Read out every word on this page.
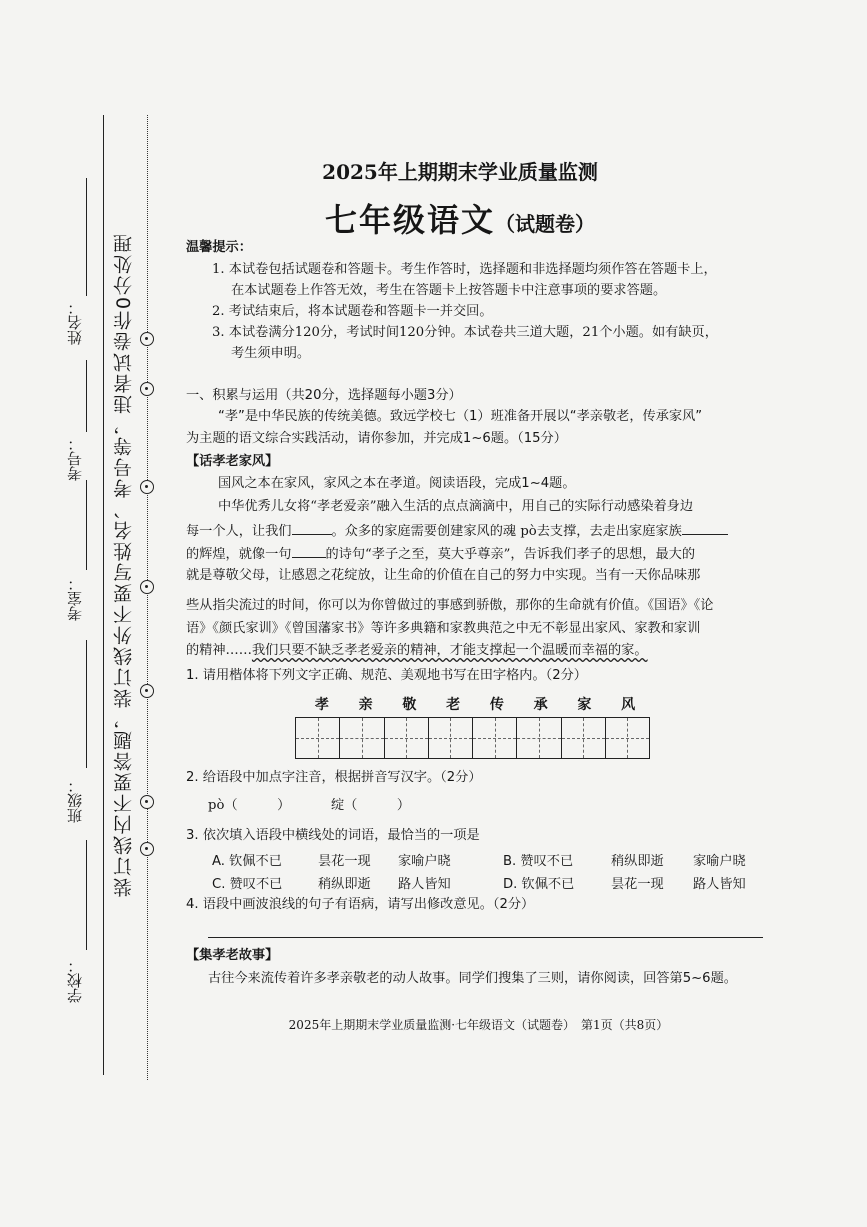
装订线内不要答题，装订线外不要写姓名、考号等，违者试卷作0分处理
学校：
班级：
考室：
考号：
姓名：
2025年上期期末学业质量监测
七年级语文（试题卷）
温馨提示：
1. 本试卷包括试题卷和答题卡。考生作答时，选择题和非选择题均须作答在答题卡上，
在本试题卷上作答无效，考生在答题卡上按答题卡中注意事项的要求答题。
2. 考试结束后，将本试题卷和答题卡一并交回。
3. 本试卷满分120分，考试时间120分钟。本试卷共三道大题，21个小题。如有缺页，
考生须申明。
一、积累与运用（共20分，选择题每小题3分）
“孝”是中华民族的传统美德。致远学校七（1）班准备开展以“孝亲敬老，传承家风”
为主题的语文综合实践活动，请你参加，并完成1~6题。（15分）
【话孝老家风】
国风之本在家风，家风之本在孝道。阅读语段，完成1~4题。
中华优秀儿女将“孝老爱亲”融入生活的点点滴滴中，用自己的实际行动感染着身边
每一个人，让我们	。众多的家庭需要创建家风的魂 pò去支撑，去走出家庭家族
的辉煌，就像一句	的诗句“孝子之至，莫大乎尊亲”，告诉我们孝子的思想，最大的
就是尊敬父母，让感恩之花绽放，让生命的价值在自己的努力中实现。当有一天你品味那
些从指尖流过的时间，你可以为你曾做过的事感到骄傲，那你的生命就有价值。《国语》《论
语》《颜氏家训》《曾国藩家书》等许多典籍和家教典范之中无不彰显出家风、家教和家训
的精神……我们只要不缺乏孝老爱亲的精神，才能支撑起一个温暖而幸福的家。
1. 请用楷体将下列文字正确、规范、美观地书写在田字格内。（2分）
孝 亲 敬 老 传 承 家 风
2. 给语段中加点字注音，根据拼音写汉字。（2分）
pò（　　　）	绽（　　　）
3. 依次填入语段中横线处的词语，最恰当的一项是
A. 钦佩不已	昙花一现 家喻户晓	B. 赞叹不已	稍纵即逝 家喻户晓
C. 赞叹不已	稍纵即逝 路人皆知	D. 钦佩不已	昙花一现 路人皆知
4. 语段中画波浪线的句子有语病，请写出修改意见。（2分）
【集孝老故事】
古往今来流传着许多孝亲敬老的动人故事。同学们搜集了三则，请你阅读，回答第5~6题。
2025年上期期末学业质量监测·七年级语文（试题卷）　第1页（共8页）
